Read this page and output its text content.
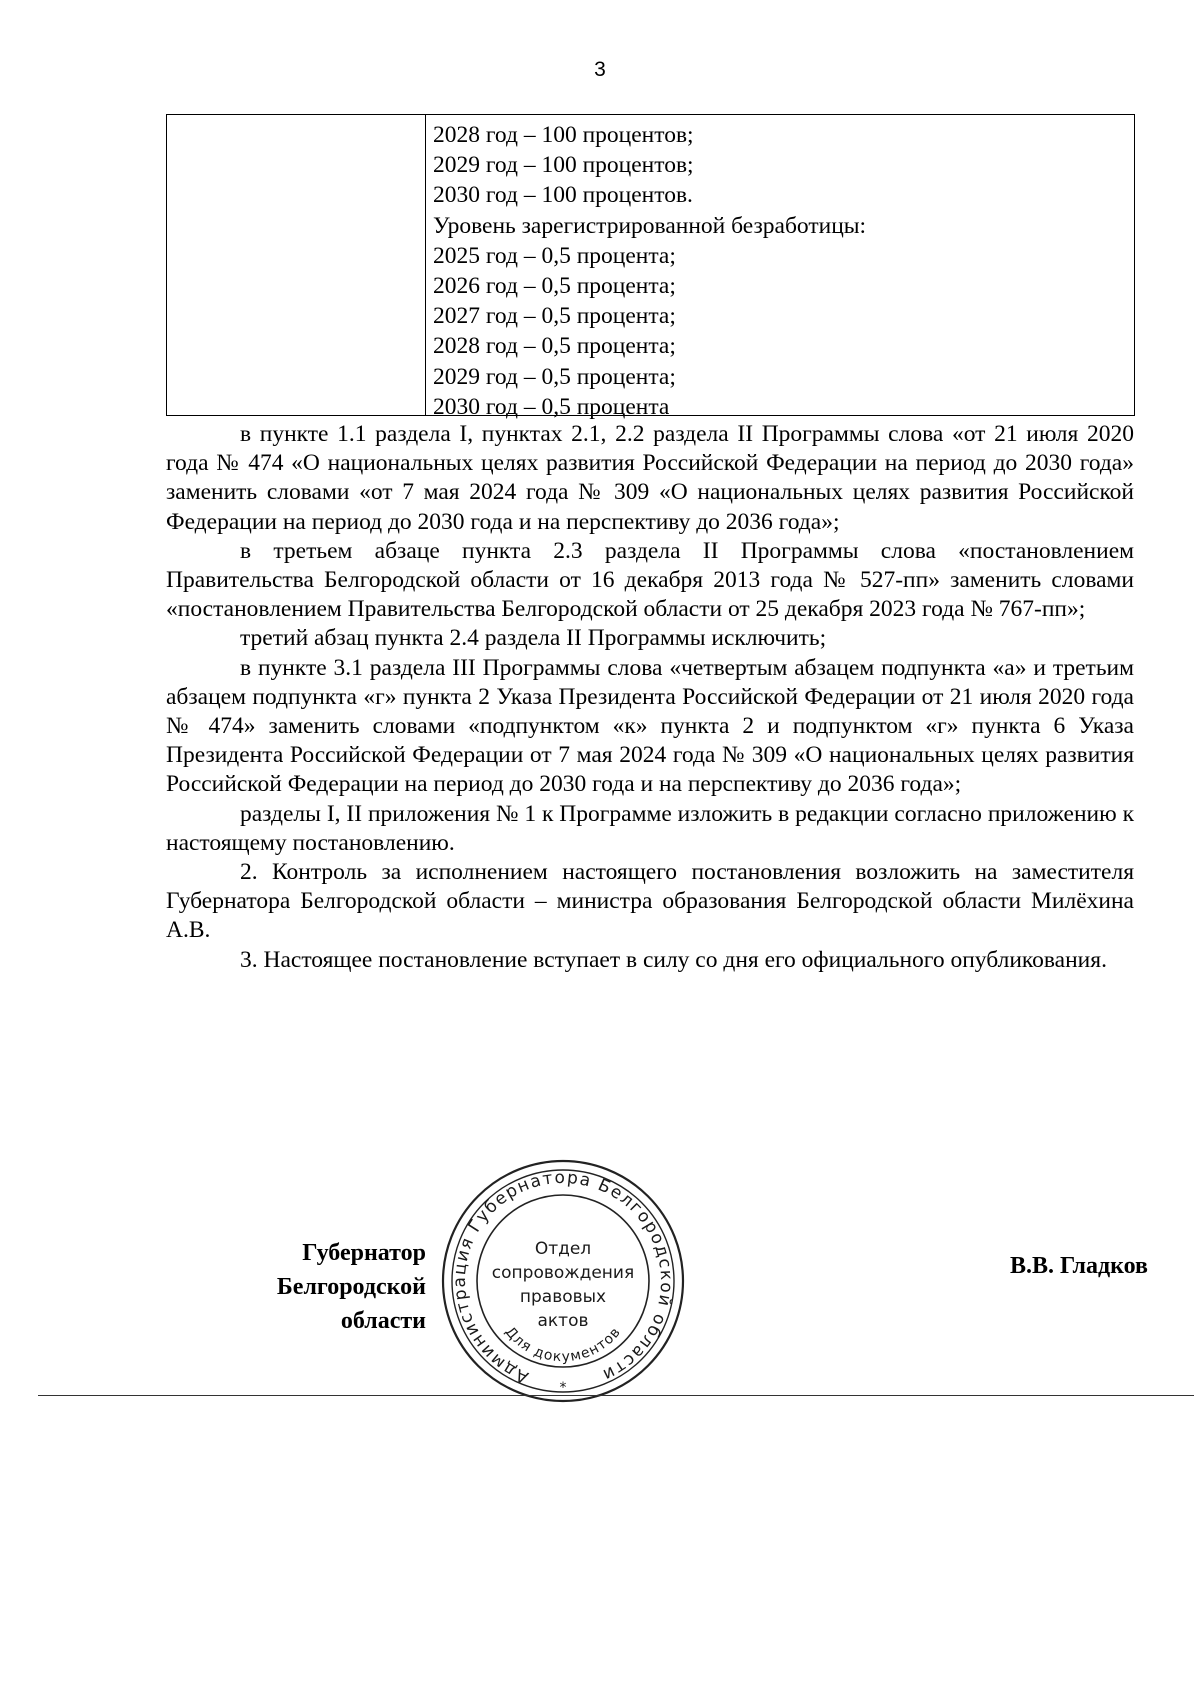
3
2028 год – 100 процентов;
2029 год – 100 процентов;
2030 год – 100 процентов.
Уровень зарегистрированной безработицы:
2025 год – 0,5 процента;
2026 год – 0,5 процента;
2027 год – 0,5 процента;
2028 год – 0,5 процента;
2029 год – 0,5 процента;
2030 год – 0,5 процента

в пункте 1.1 раздела I, пунктах 2.1, 2.2 раздела II Программы слова «от 21 июля 2020 года № 474 «О национальных целях развития Российской Федерации на период до 2030 года» заменить словами «от 7 мая 2024 года № 309 «О национальных целях развития Российской Федерации на период до 2030 года и на перспективу до 2036 года»;

в третьем абзаце пункта 2.3 раздела II Программы слова «постановлением Правительства Белгородской области от 16 декабря 2013 года № 527-пп» заменить словами «постановлением Правительства Белгородской области от 25 декабря 2023 года № 767-пп»;

третий абзац пункта 2.4 раздела II Программы исключить;

в пункте 3.1 раздела III Программы слова «четвертым абзацем подпункта «а» и третьим абзацем подпункта «г» пункта 2 Указа Президента Российской Федерации от 21 июля 2020 года № 474» заменить словами «подпунктом «к» пункта 2 и подпунктом «г» пункта 6 Указа Президента Российской Федерации от 7 мая 2024 года № 309 «О национальных целях развития Российской Федерации на период до 2030 года и на перспективу до 2036 года»;

разделы I, II приложения № 1 к Программе изложить в редакции согласно приложению к настоящему постановлению.

2. Контроль за исполнением настоящего постановления возложить на заместителя Губернатора Белгородской области – министра образования Белгородской области Милёхина А.В.

3. Настоящее постановление вступает в силу со дня его официального опубликования.

Губернатор
Белгородской области
Администрация Губернатора Белгородской области
Отдел
сопровождения
правовых
актов
Для документов
*
В.В. Гладков
